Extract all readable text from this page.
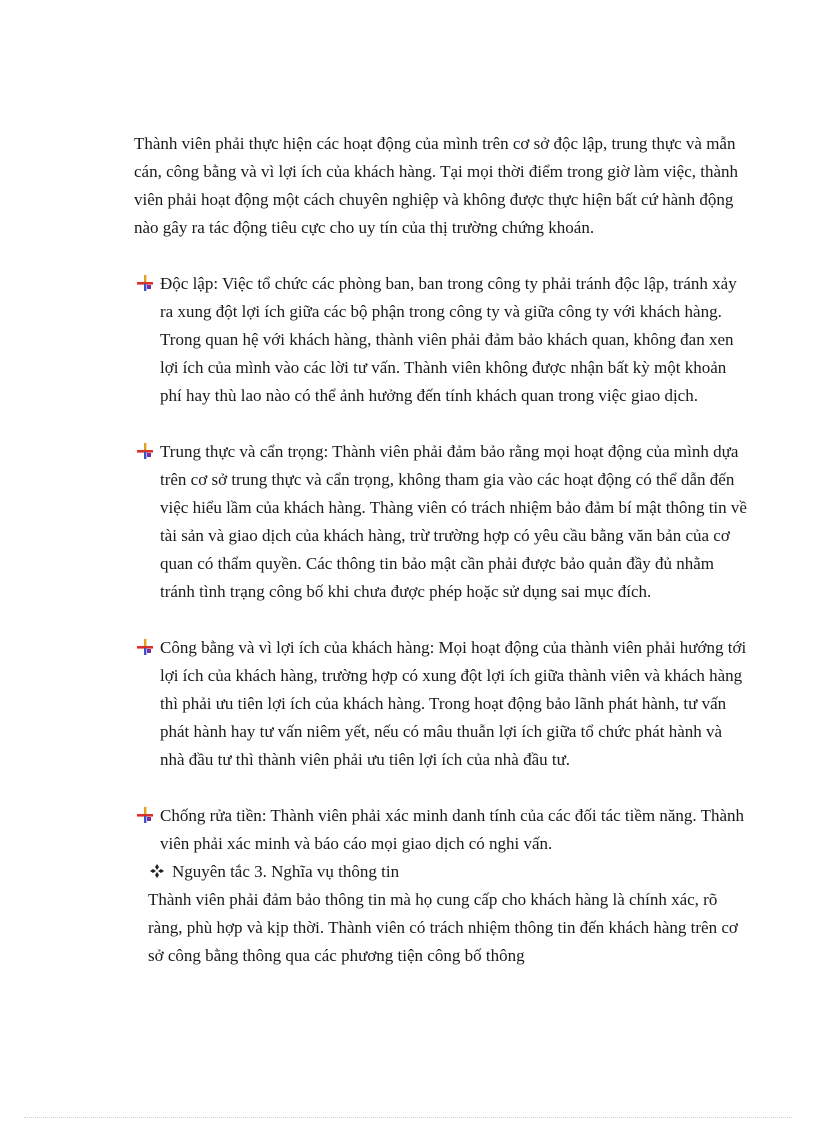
Thành viên phải thực hiện các hoạt động của mình trên cơ sở độc lập, trung thực và mẫn cán, công bằng và vì lợi ích của khách hàng. Tại mọi thời điểm trong giờ làm việc, thành viên phải hoạt động một cách chuyên nghiệp và không được thực hiện bất cứ hành động nào gây ra tác động tiêu cực cho uy tín của thị trường chứng khoán.

Độc lập: Việc tổ chức các phòng ban, ban trong công ty phải tránh độc lập, tránh xảy ra xung đột lợi ích giữa các bộ phận trong công ty và giữa công ty với khách hàng. Trong quan hệ với khách hàng, thành viên phải đảm bảo khách quan, không đan xen lợi ích của mình vào các lời tư vấn. Thành viên không được nhận bất kỳ một khoản phí hay thù lao nào có thể ảnh hưởng đến tính khách quan trong việc giao dịch.

Trung thực và cẩn trọng: Thành viên phải đảm bảo rằng mọi hoạt động của mình dựa trên cơ sở trung thực và cẩn trọng, không tham gia vào các hoạt động có thể dẫn đến việc hiểu lầm của khách hàng. Thàng viên có trách nhiệm bảo đảm bí mật thông tin về tài sản và giao dịch của khách hàng, trừ trường hợp có yêu cầu bằng văn bản của cơ quan có thẩm quyền. Các thông tin bảo mật cần phải được bảo quản đầy đủ nhằm tránh tình trạng công bố khi chưa được phép hoặc sử dụng sai mục đích.

Công bằng và vì lợi ích của khách hàng: Mọi hoạt động của thành viên phải hướng tới lợi ích của khách hàng, trường hợp có xung đột lợi ích giữa thành viên và khách hàng thì phải ưu tiên lợi ích của khách hàng. Trong hoạt động bảo lãnh phát hành, tư vấn phát hành hay tư vấn niêm yết, nếu có mâu thuẫn lợi ích giữa tổ chức phát hành và nhà đầu tư thì thành viên phải ưu tiên lợi ích của nhà đầu tư.

Chống rửa tiền: Thành viên phải xác minh danh tính của các đối tác tiềm năng. Thành viên phải xác minh và báo cáo mọi giao dịch có nghi vấn.

Nguyên tắc 3. Nghĩa vụ thông tin

Thành viên phải đảm bảo thông tin mà họ cung cấp cho khách hàng là chính xác, rõ ràng, phù hợp và kịp thời. Thành viên có trách nhiệm thông tin đến khách hàng trên cơ sở công bằng thông qua các phương tiện công bố thông
